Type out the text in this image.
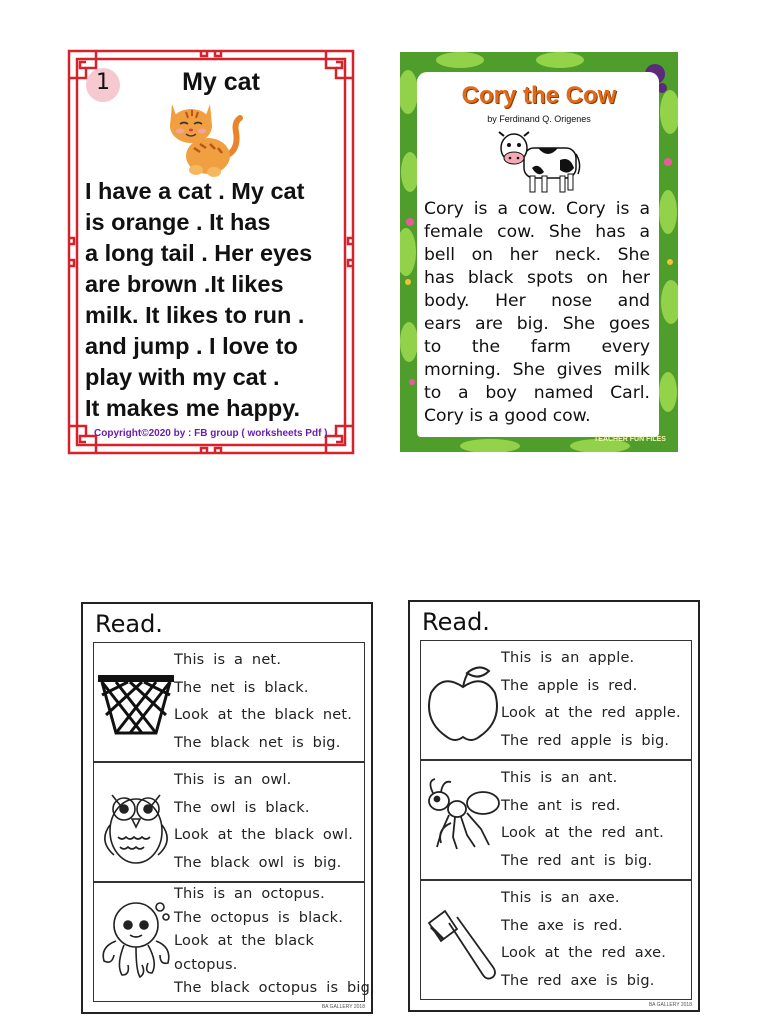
1	My cat
I have a cat . My cat
is orange . It has
a long tail . Her eyes
are brown .It likes
milk. It likes to run .
and jump . I love to
play with my cat .
It makes me happy.
Copyright©2020 by : FB group ( worksheets Pdf )
Cory the Cow
by Ferdinand Q. Origenes
Cory is a cow. Cory is a
female cow. She has a
bell on her neck. She
has black spots on her
body. Her nose and
ears are big. She goes
to the farm every
morning. She gives milk
to a boy named Carl.
Cory is a good cow.
TEACHER FUN FILES
Read.
This is a net.
The net is black.
Look at the black net.
The black net is big.
This is an owl.
The owl is black.
Look at the black owl.
The black owl is big.
This is an octopus.
The octopus is black.
Look at the black
octopus.
The black octopus is big.
BA GALLERY 2018
Read.
This is an apple.
The apple is red.
Look at the red apple.
The red apple is big.
This is an ant.
The ant is red.
Look at the red ant.
The red ant is big.
This is an axe.
The axe is red.
Look at the red axe.
The red axe is big.
BA GALLERY 2018
